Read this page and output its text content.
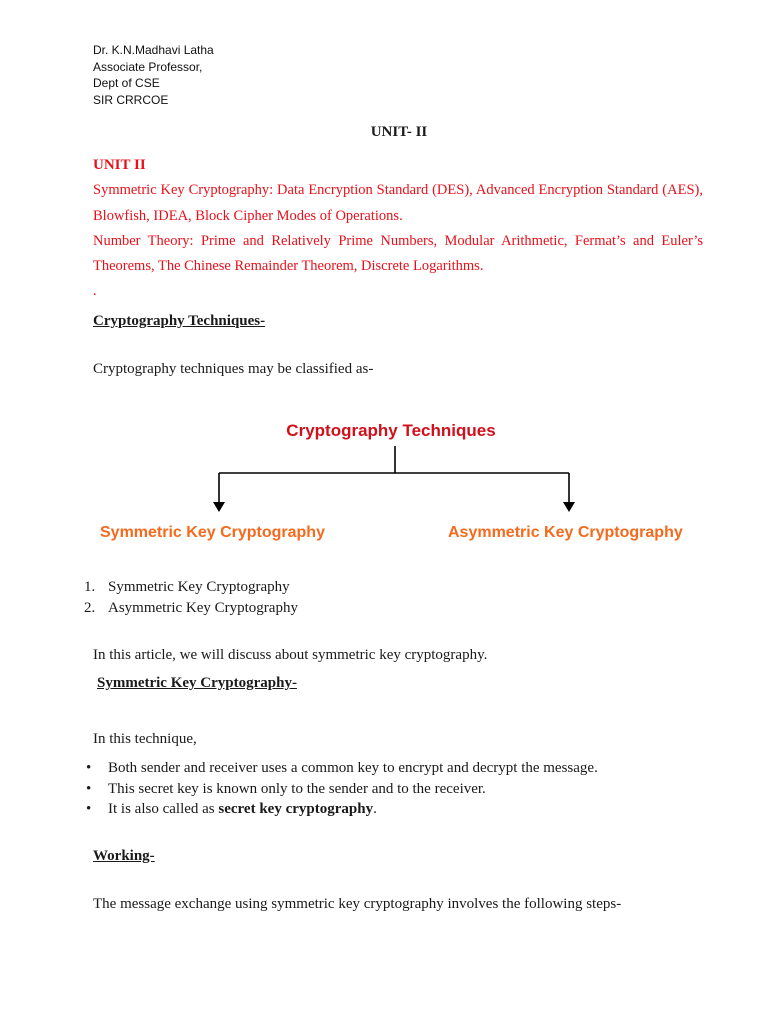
Dr. K.N.Madhavi Latha
Associate Professor,
Dept of CSE
SIR CRRCOE
UNIT- II

UNIT II

Symmetric Key Cryptography: Data Encryption Standard (DES), Advanced Encryption Standard (AES), Blowfish, IDEA, Block Cipher Modes of Operations.

Number Theory: Prime and Relatively Prime Numbers, Modular Arithmetic, Fermat’s and Euler’s Theorems, The Chinese Remainder Theorem, Discrete Logarithms.

.

Cryptography Techniques-
Cryptography techniques may be classified as-
Cryptography Techniques
Symmetric Key Cryptography	Asymmetric Key Cryptography
1. Symmetric Key Cryptography
2. Asymmetric Key Cryptography
In this article, we will discuss about symmetric key cryptography.
Symmetric Key Cryptography-
In this technique,
• Both sender and receiver uses a common key to encrypt and decrypt the message.
• This secret key is known only to the sender and to the receiver.
• It is also called as secret key cryptography.
Working-
The message exchange using symmetric key cryptography involves the following steps-
